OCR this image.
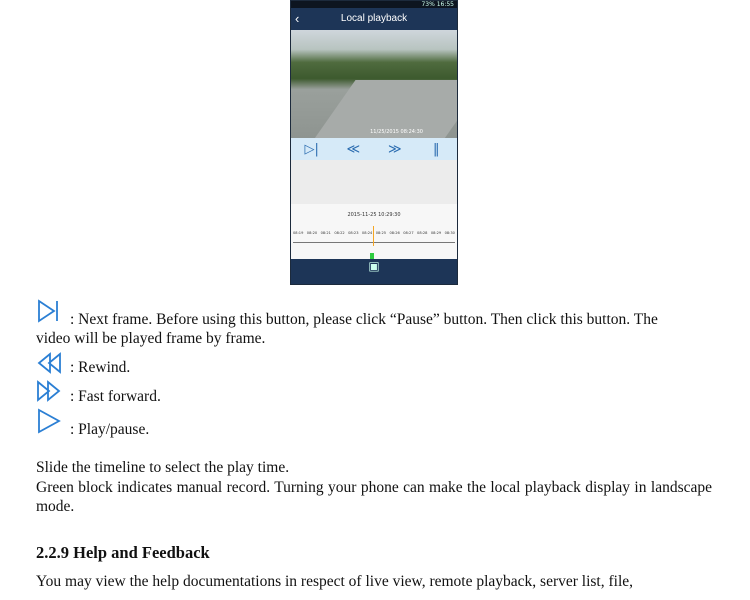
73% 16:55
‹	Local playback
11/25/2015 08:24:30
▷| ≪ ≫	‖
2015-11-25 10:29:30
08:19 08:20 08:21 08:22 08:23 08:24 08:25 08:26 08:27 08:28 08:29 08:30
▣
: Next frame. Before using this button, please click “Pause” button. Then click this button. The
video will be played frame by frame.
: Rewind.
: Fast forward.
: Play/pause.

Slide the timeline to select the play time.

Green block indicates manual record. Turning your phone can make the local playback display in landscape mode.

2.2.9 Help and Feedback

You may view the help documentations in respect of live view, remote playback, server list, file,
